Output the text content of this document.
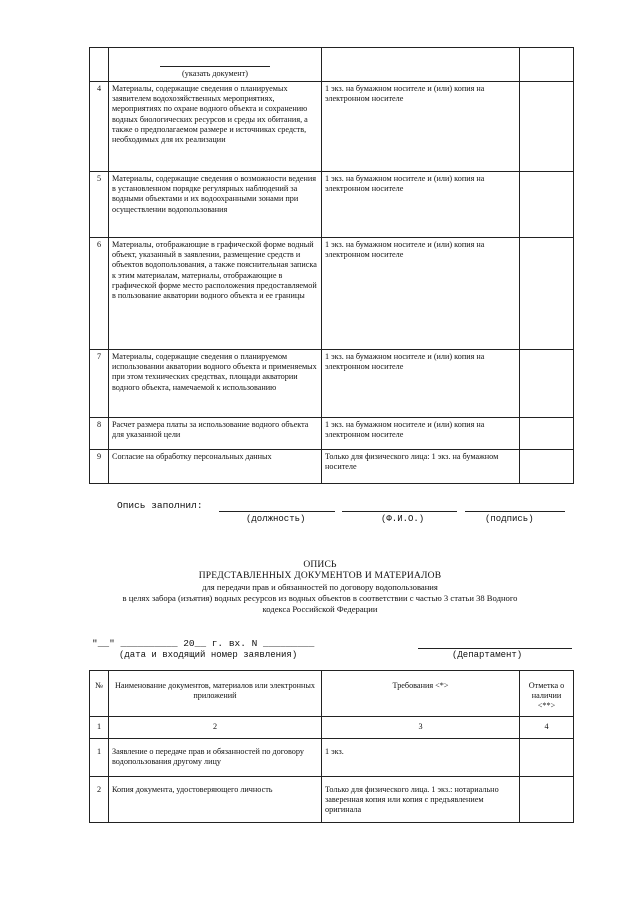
(указать документ)		
4	Материалы, содержащие сведения о планируемых заявителем водохозяйственных мероприятиях, мероприятиях по охране водного объекта и сохранению водных биологических ресурсов и среды их обитания, а также о предполагаемом размере и источниках средств, необходимых для их реализации	1 экз. на бумажном носителе и (или) копия на электронном носителе	
5	Материалы, содержащие сведения о возможности ведения в установленном порядке регулярных наблюдений за водными объектами и их водоохранными зонами при осуществлении водопользования	1 экз. на бумажном носителе и (или) копия на электронном носителе	
6	Материалы, отображающие в графической форме водный объект, указанный в заявлении, размещение средств и объектов водопользования, а также пояснительная записка к этим материалам, материалы, отображающие в графической форме место расположения предоставляемой в пользование акватории водного объекта и ее границы	1 экз. на бумажном носителе и (или) копия на электронном носителе	
7	Материалы, содержащие сведения о планируемом использовании акватории водного объекта и применяемых при этом технических средствах, площади акватории водного объекта, намечаемой к использованию	1 экз. на бумажном носителе и (или) копия на электронном носителе	
8	Расчет размера платы за использование водного объекта для указанной цели	1 экз. на бумажном носителе и (или) копия на электронном носителе	
9	Согласие на обработку персональных данных	Только для физического лица: 1 экз. на бумажном носителе	
Опись заполнил:
(должность)	(Ф.И.О.)	(подпись)
ОПИСЬ
ПРЕДСТАВЛЕННЫХ ДОКУМЕНТОВ И МАТЕРИАЛОВ
для передачи прав и обязанностей по договору водопользования
в целях забора (изъятия) водных ресурсов из водных объектов в соответствии с частью 3 статьи 38 Водного
кодекса Российской Федерации
"__" __________ 20__ г. вх. N _________
(дата и входящий номер заявления)	(Департамент)
№	Наименование документов, материалов или электронных приложений	Требования <*>	Отметка о наличии <**>
1	2	3	4
1	Заявление о передаче прав и обязанностей по договору водопользования другому лицу	1 экз.	
2	Копия документа, удостоверяющего личность	Только для физического лица. 1 экз.: нотариально заверенная копия или копия с предъявлением оригинала	
